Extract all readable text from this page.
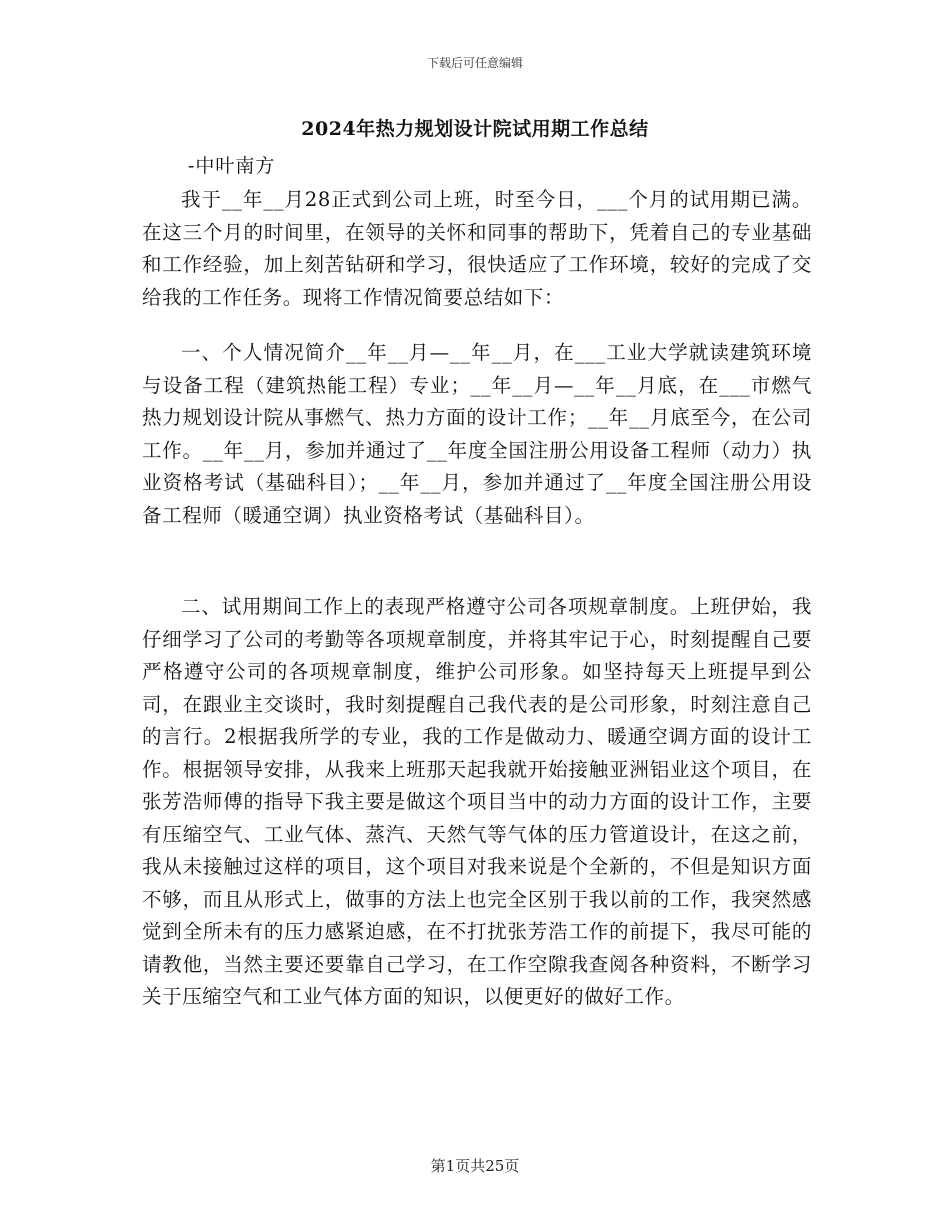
下载后可任意编辑
2024年热力规划设计院试用期工作总结
-中叶南方

我于__年__月28正式到公司上班，时至今日，___个月的试用期已满。在这三个月的时间里，在领导的关怀和同事的帮助下，凭着自己的专业基础和工作经验，加上刻苦钻研和学习，很快适应了工作环境，较好的完成了交给我的工作任务。现将工作情况简要总结如下：

一、个人情况简介__年__月—__年__月，在___工业大学就读建筑环境与设备工程（建筑热能工程）专业；__年__月—__年__月底，在___市燃气热力规划设计院从事燃气、热力方面的设计工作；__年__月底至今，在公司工作。__年__月，参加并通过了__年度全国注册公用设备工程师（动力）执业资格考试（基础科目）；__年__月，参加并通过了__年度全国注册公用设备工程师（暖通空调）执业资格考试（基础科目）。

二、试用期间工作上的表现严格遵守公司各项规章制度。上班伊始，我仔细学习了公司的考勤等各项规章制度，并将其牢记于心，时刻提醒自己要严格遵守公司的各项规章制度，维护公司形象。如坚持每天上班提早到公司，在跟业主交谈时，我时刻提醒自己我代表的是公司形象，时刻注意自己的言行。2根据我所学的专业，我的工作是做动力、暖通空调方面的设计工作。根据领导安排，从我来上班那天起我就开始接触亚洲铝业这个项目，在张芳浩师傅的指导下我主要是做这个项目当中的动力方面的设计工作，主要有压缩空气、工业气体、蒸汽、天然气等气体的压力管道设计，在这之前，我从未接触过这样的项目，这个项目对我来说是个全新的，不但是知识方面不够，而且从形式上，做事的方法上也完全区别于我以前的工作，我突然感觉到全所未有的压力感紧迫感，在不打扰张芳浩工作的前提下，我尽可能的请教他，当然主要还要靠自己学习，在工作空隙我查阅各种资料，不断学习关于压缩空气和工业气体方面的知识，以便更好的做好工作。

第1页共25页
